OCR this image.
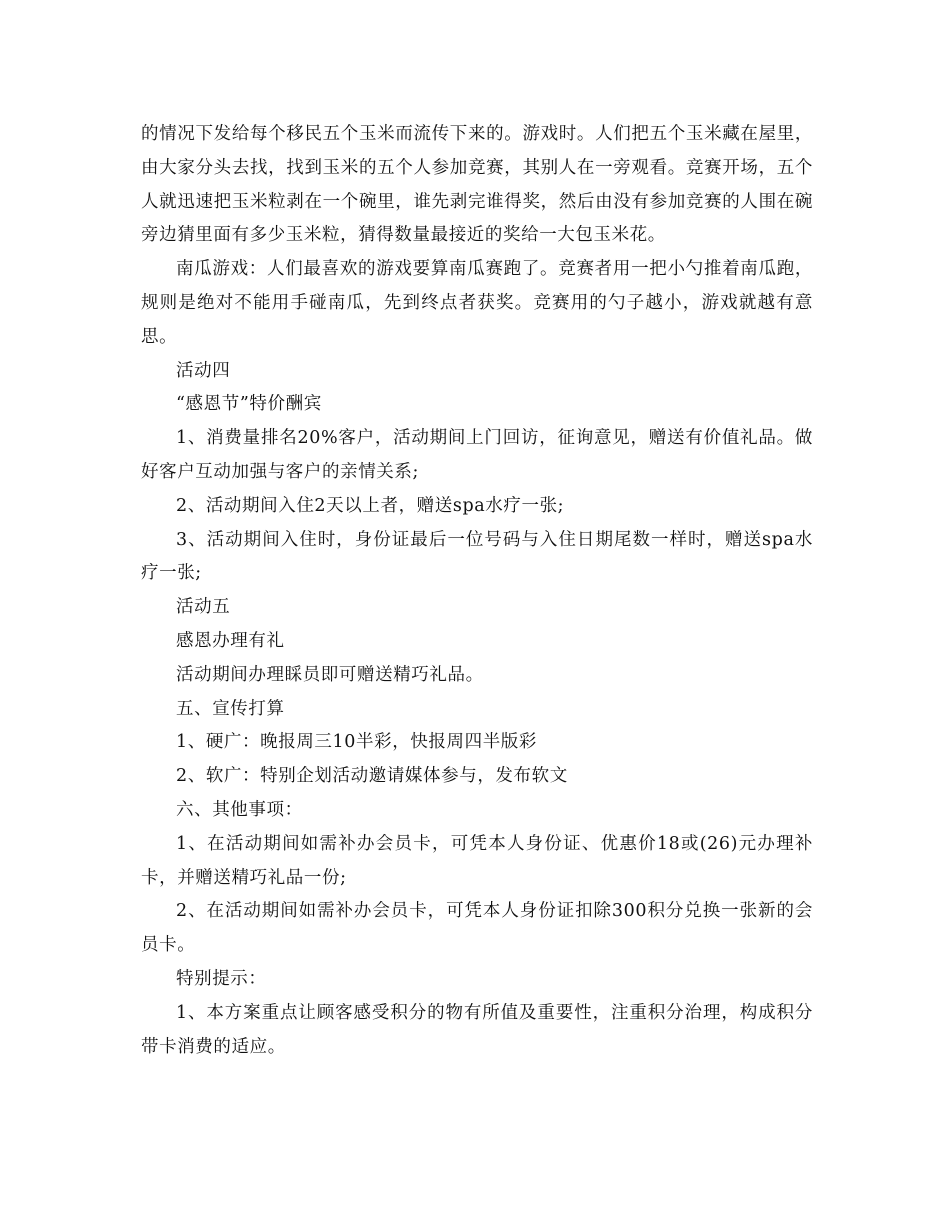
的情况下发给每个移民五个玉米而流传下来的。游戏时。人们把五个玉米藏在屋里，由大家分头去找，找到玉米的五个人参加竞赛，其别人在一旁观看。竞赛开场，五个人就迅速把玉米粒剥在一个碗里，谁先剥完谁得奖，然后由没有参加竞赛的人围在碗旁边猜里面有多少玉米粒，猜得数量最接近的奖给一大包玉米花。

南瓜游戏：人们最喜欢的游戏要算南瓜赛跑了。竞赛者用一把小勺推着南瓜跑，规则是绝对不能用手碰南瓜，先到终点者获奖。竞赛用的勺子越小，游戏就越有意思。

活动四

“感恩节”特价酬宾

1、消费量排名20%客户，活动期间上门回访，征询意见，赠送有价值礼品。做好客户互动加强与客户的亲情关系;

2、活动期间入住2天以上者，赠送spa水疗一张;

3、活动期间入住时，身份证最后一位号码与入住日期尾数一样时，赠送spa水疗一张;

活动五

感恩办理有礼

活动期间办理睬员即可赠送精巧礼品。

五、宣传打算

1、硬广：晚报周三10半彩，快报周四半版彩

2、软广：特别企划活动邀请媒体参与，发布软文

六、其他事项：

1、在活动期间如需补办会员卡，可凭本人身份证、优惠价18或(26)元办理补卡，并赠送精巧礼品一份;

2、在活动期间如需补办会员卡，可凭本人身份证扣除300积分兑换一张新的会员卡。

特别提示：

1、本方案重点让顾客感受积分的物有所值及重要性，注重积分治理，构成积分带卡消费的适应。
